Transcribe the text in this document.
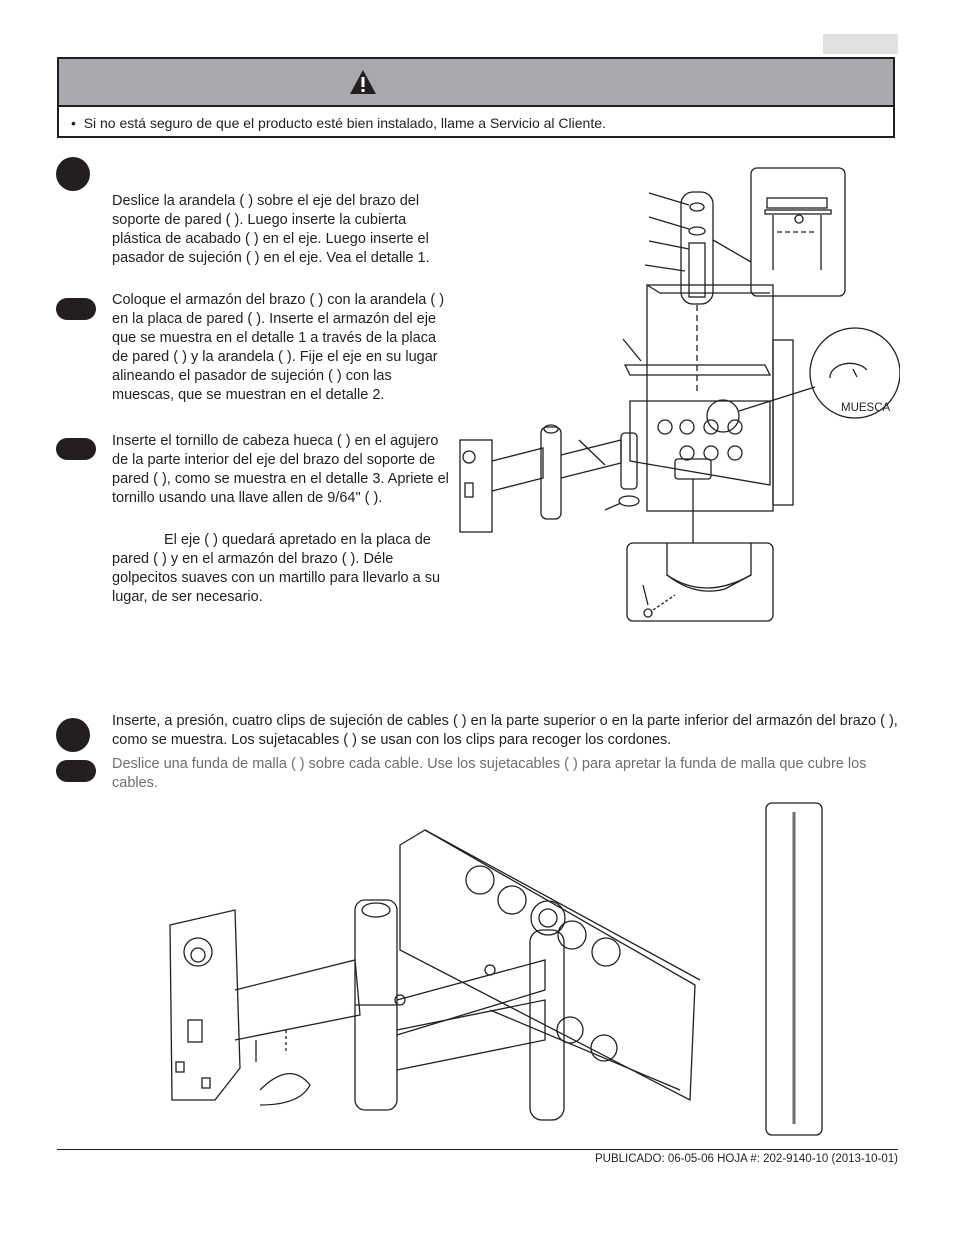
• Si no está seguro de que el producto esté bien instalado, llame a Servicio al Cliente.
Deslice la arandela ( ) sobre el eje del brazo del soporte de pared ( ). Luego inserte la cubierta plástica de acabado ( ) en el eje. Luego inserte el pasador de sujeción ( ) en el eje. Vea el detalle 1.
Coloque el armazón del brazo ( ) con la arandela ( ) en la placa de pared ( ). Inserte el armazón del eje que se muestra en el detalle 1 a través de la placa de pared ( ) y la arandela ( ). Fije el eje en su lugar alineando el pasador de sujeción ( ) con las muescas, que se muestran en el detalle 2.
Inserte el tornillo de cabeza hueca ( ) en el agujero de la parte interior del eje del brazo del soporte de pared ( ), como se muestra en el detalle 3. Apriete el tornillo usando una llave allen de 9/64" ( ).
El eje ( ) quedará apretado en la placa de pared ( ) y en el armazón del brazo ( ). Déle golpecitos suaves con un martillo para llevarlo a su lugar, de ser necesario.
MUESCA
Inserte, a presión, cuatro clips de sujeción de cables ( ) en la parte superior o en la parte inferior del armazón del brazo ( ), como se muestra. Los sujetacables ( ) se usan con los clips para recoger los cordones.
Deslice una funda de malla ( ) sobre cada cable. Use los sujetacables ( ) para apretar la funda de malla que cubre los cables.
PUBLICADO: 06-05-06 HOJA #: 202-9140-10 (2013-10-01)
